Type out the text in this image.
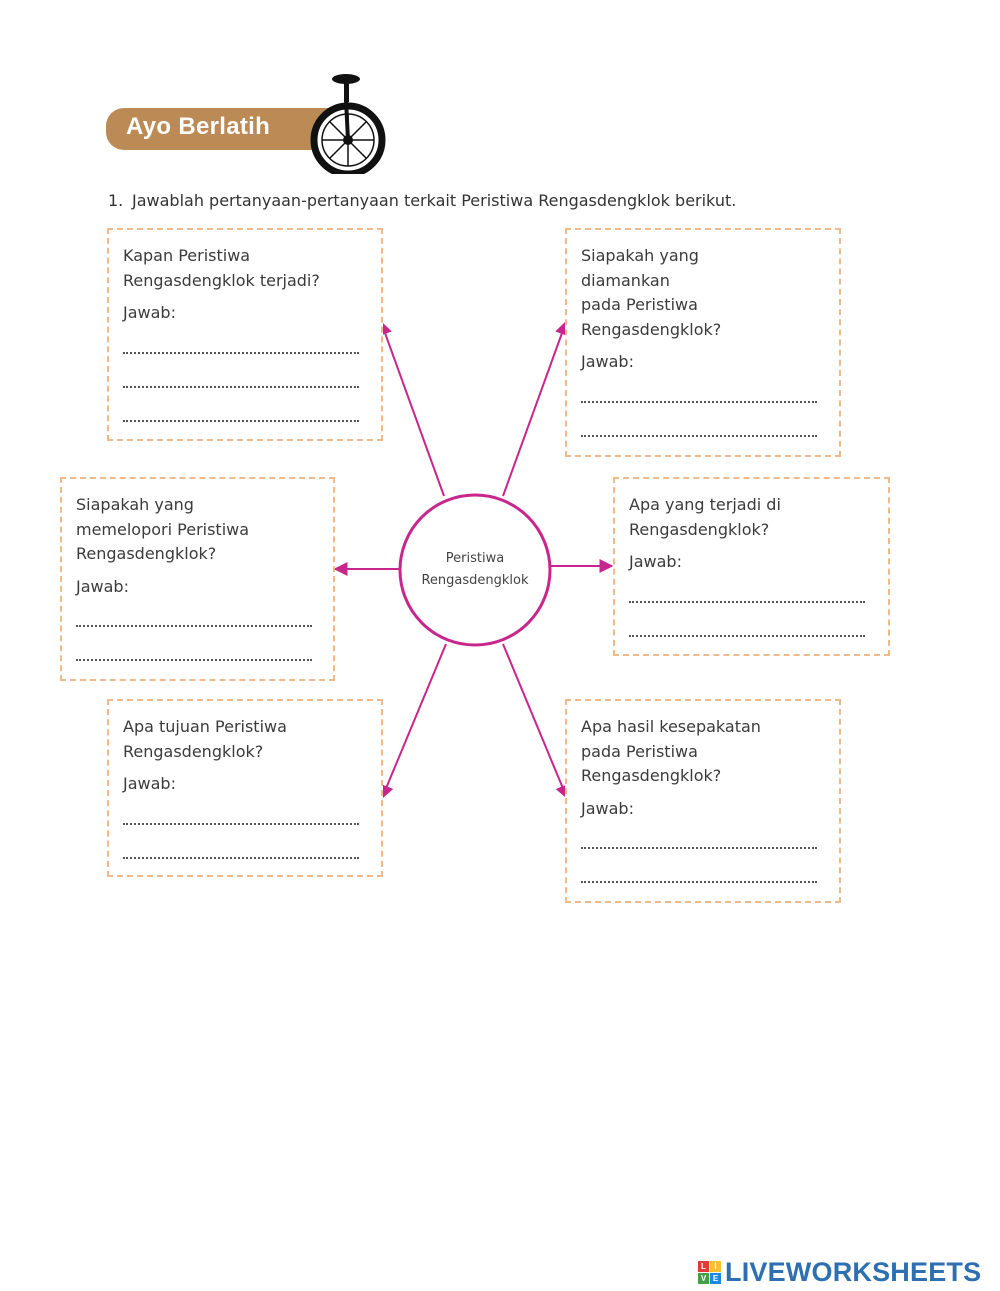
Ayo Berlatih
1. Jawablah pertanyaan-pertanyaan terkait Peristiwa Rengasdengklok berikut.
Peristiwa
Rengasdengklok
Kapan Peristiwa
Rengasdengklok terjadi?
Jawab:
Siapakah yang
diamankan
pada Peristiwa
Rengasdengklok?
Jawab:
Siapakah yang
memelopori Peristiwa
Rengasdengklok?
Jawab:
Apa yang terjadi di
Rengasdengklok?
Jawab:
Apa tujuan Peristiwa
Rengasdengklok?
Jawab:
Apa hasil kesepakatan
pada Peristiwa
Rengasdengklok?
Jawab:
L	I
V E LIVEWORKSHEETS
